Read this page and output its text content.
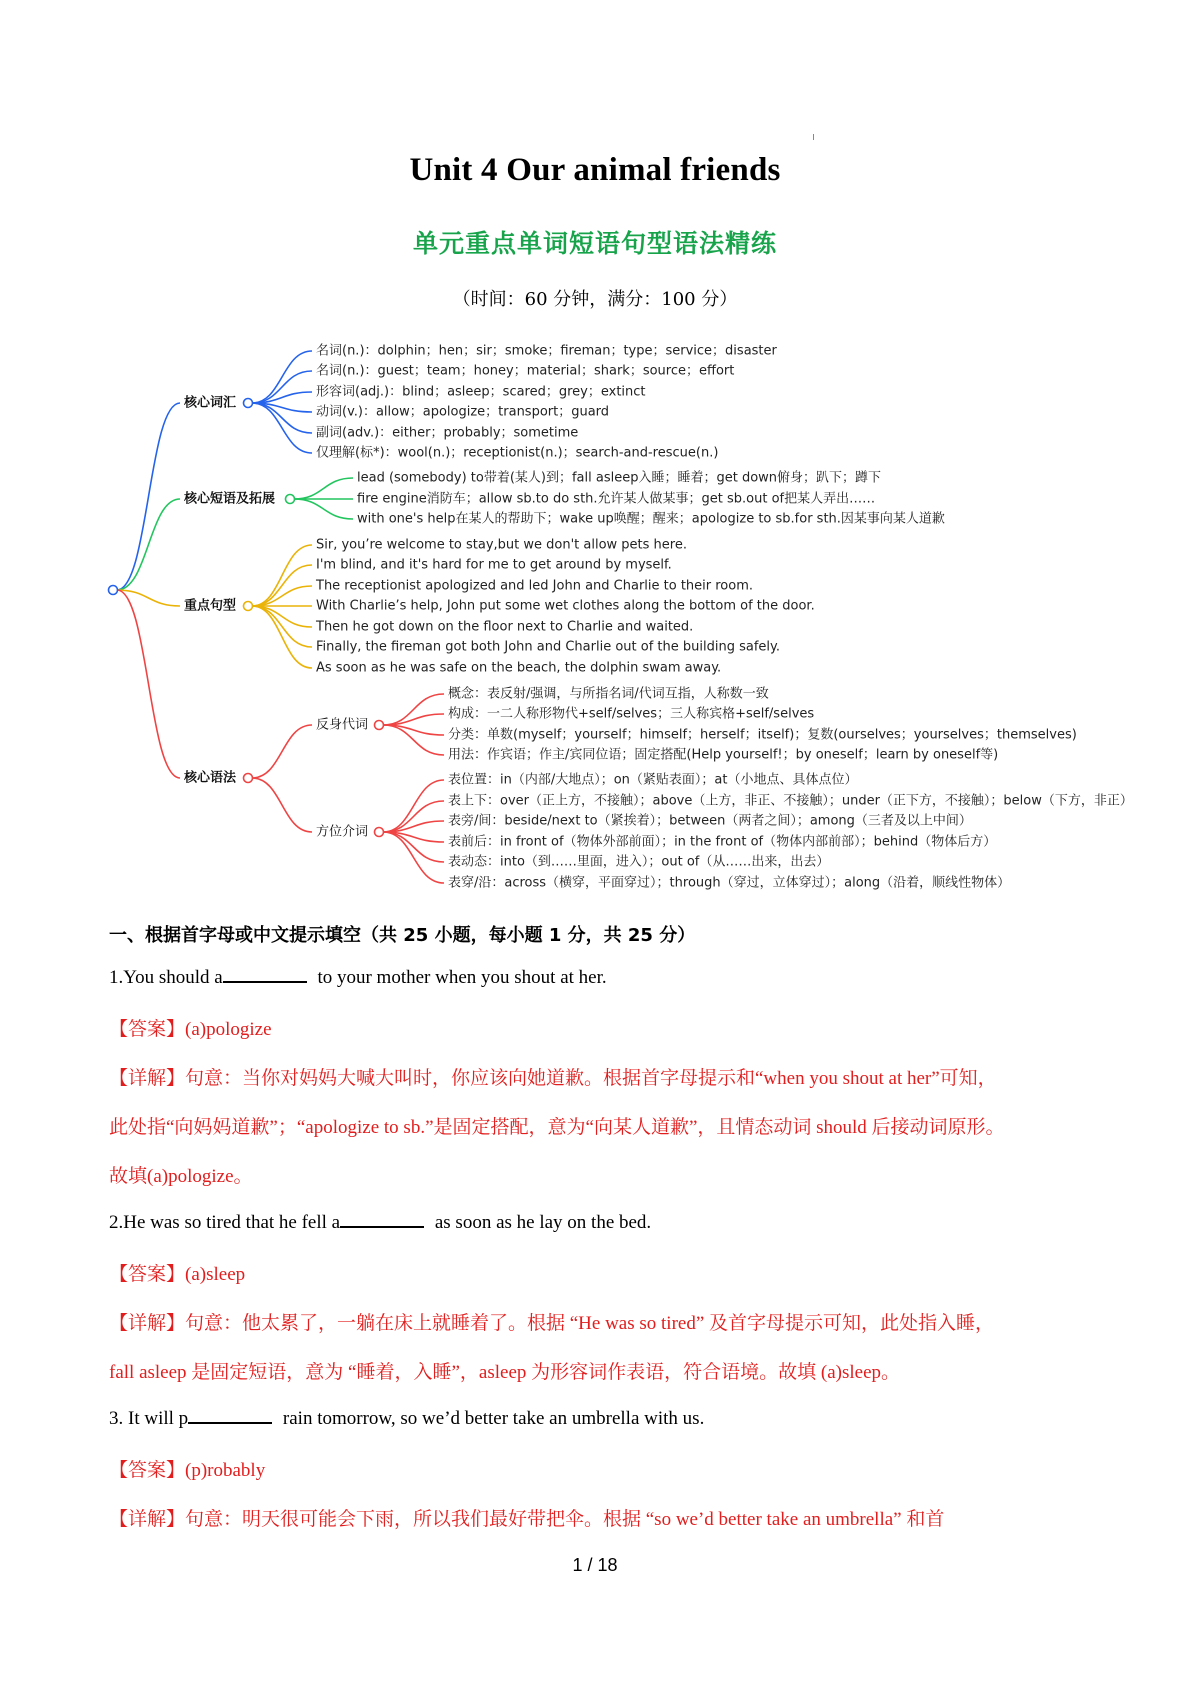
Unit 4 Our animal friends
单元重点单词短语句型语法精练
（时间：60 分钟，满分：100 分）
核心词汇
名词(n.)：dolphin；hen；sir；smoke；fireman；type；service；disaster
名词(n.)：guest；team；honey；material；shark；source；effort
形容词(adj.)：blind；asleep；scared；grey；extinct
动词(v.)：allow；apologize；transport；guard
副词(adv.)：either；probably；sometime
仅理解(标*)：wool(n.)；receptionist(n.)；search-and-rescue(n.)
核心短语及拓展
lead (somebody) to带着(某人)到；fall asleep入睡；睡着；get down俯身；趴下；蹲下
fire engine消防车；allow sb.to do sth.允许某人做某事；get sb.out of把某人弄出……
with one's help在某人的帮助下；wake up唤醒；醒来；apologize to sb.for sth.因某事向某人道歉
重点句型
Sir, you’re welcome to stay,but we don't allow pets here.
I'm blind, and it's hard for me to get around by myself.
The receptionist apologized and led John and Charlie to their room.
With Charlie’s help, John put some wet clothes along the bottom of the door.
Then he got down on the floor next to Charlie and waited.
Finally, the fireman got both John and Charlie out of the building safely.
As soon as he was safe on the beach, the dolphin swam away.
核心语法
反身代词
概念：表反射/强调，与所指名词/代词互指，人称数一致
构成：一二人称形物代+self/selves；三人称宾格+self/selves
分类：单数(myself；yourself；himself；herself；itself)；复数(ourselves；yourselves；themselves)
用法：作宾语；作主/宾同位语；固定搭配(Help yourself!；by oneself；learn by oneself等)
方位介词
表位置：in（内部/大地点）；on（紧贴表面）；at（小地点、具体点位）
表上下：over（正上方，不接触）；above（上方，非正、不接触）；under（正下方，不接触）；below（下方，非正）
表旁/间：beside/next to（紧挨着）；between（两者之间）；among（三者及以上中间）
表前后：in front of（物体外部前面）；in the front of（物体内部前部）；behind（物体后方）
表动态：into（到……里面，进入）；out of（从……出来，出去）
表穿/沿：across（横穿，平面穿过）；through（穿过，立体穿过）；along（沿着，顺线性物体）
一、根据首字母或中文提示填空（共 25 小题，每小题 1 分，共 25 分）
1.You should a	to your mother when you shout at her.
【答案】(a)pologize
【详解】句意：当你对妈妈大喊大叫时，你应该向她道歉。根据首字母提示和“when you shout at her”可知，
此处指“向妈妈道歉”；“apologize to sb.”是固定搭配，意为“向某人道歉”，且情态动词 should 后接动词原形。
故填(a)pologize。
2.He was so tired that he fell a	as soon as he lay on the bed.
【答案】(a)sleep
【详解】句意：他太累了，一躺在床上就睡着了。根据 “He was so tired” 及首字母提示可知，此处指入睡，
fall asleep 是固定短语，意为 “睡着，入睡”，asleep 为形容词作表语，符合语境。故填 (a)sleep。
3. It will p	rain tomorrow, so we’d better take an umbrella with us.
【答案】(p)robably
【详解】句意：明天很可能会下雨，所以我们最好带把伞。根据 “so we’d better take an umbrella” 和首
1 / 18
